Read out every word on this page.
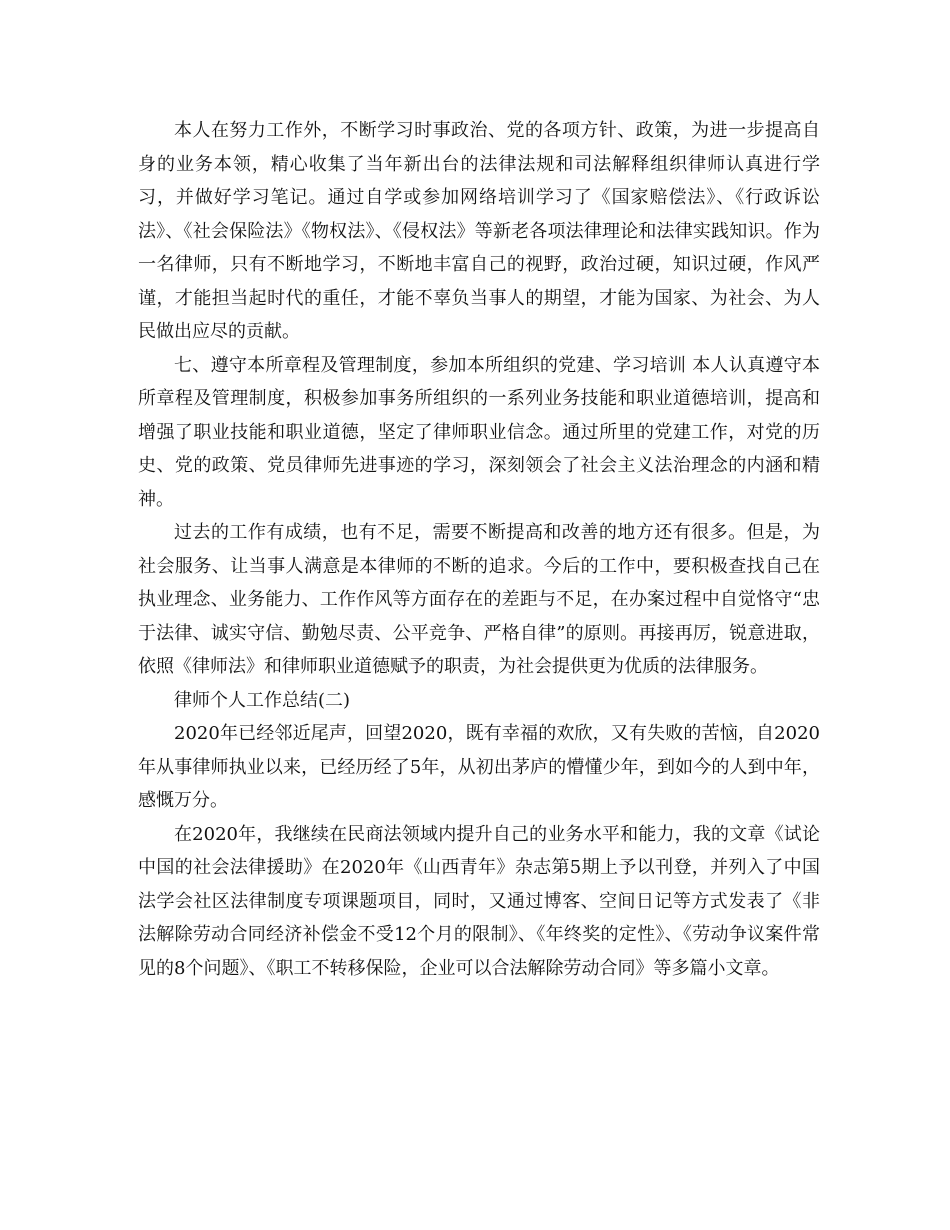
本人在努力工作外，不断学习时事政治、党的各项方针、政策，为进一步提高自身的业务本领，精心收集了当年新出台的法律法规和司法解释组织律师认真进行学习，并做好学习笔记。通过自学或参加网络培训学习了《国家赔偿法》、《行政诉讼法》、《社会保险法》《物权法》、《侵权法》等新老各项法律理论和法律实践知识。作为一名律师，只有不断地学习，不断地丰富自己的视野，政治过硬，知识过硬，作风严谨，才能担当起时代的重任，才能不辜负当事人的期望，才能为国家、为社会、为人民做出应尽的贡献。

七、遵守本所章程及管理制度，参加本所组织的党建、学习培训 本人认真遵守本所章程及管理制度，积极参加事务所组织的一系列业务技能和职业道德培训，提高和增强了职业技能和职业道德，坚定了律师职业信念。通过所里的党建工作，对党的历史、党的政策、党员律师先进事迹的学习，深刻领会了社会主义法治理念的内涵和精神。

过去的工作有成绩，也有不足，需要不断提高和改善的地方还有很多。但是，为社会服务、让当事人满意是本律师的不断的追求。今后的工作中，要积极查找自己在执业理念、业务能力、工作作风等方面存在的差距与不足，在办案过程中自觉恪守“忠于法律、诚实守信、勤勉尽责、公平竞争、严格自律”的原则。再接再厉，锐意进取，依照《律师法》和律师职业道德赋予的职责，为社会提供更为优质的法律服务。

律师个人工作总结(二)

2020年已经邻近尾声，回望2020，既有幸福的欢欣，又有失败的苦恼，自2020年从事律师执业以来，已经历经了5年，从初出茅庐的懵懂少年，到如今的人到中年，感慨万分。

在2020年，我继续在民商法领域内提升自己的业务水平和能力，我的文章《试论中国的社会法律援助》在2020年《山西青年》杂志第5期上予以刊登，并列入了中国法学会社区法律制度专项课题项目，同时，又通过博客、空间日记等方式发表了《非法解除劳动合同经济补偿金不受12个月的限制》、《年终奖的定性》、《劳动争议案件常见的8个问题》、《职工不转移保险，企业可以合法解除劳动合同》等多篇小文章。
